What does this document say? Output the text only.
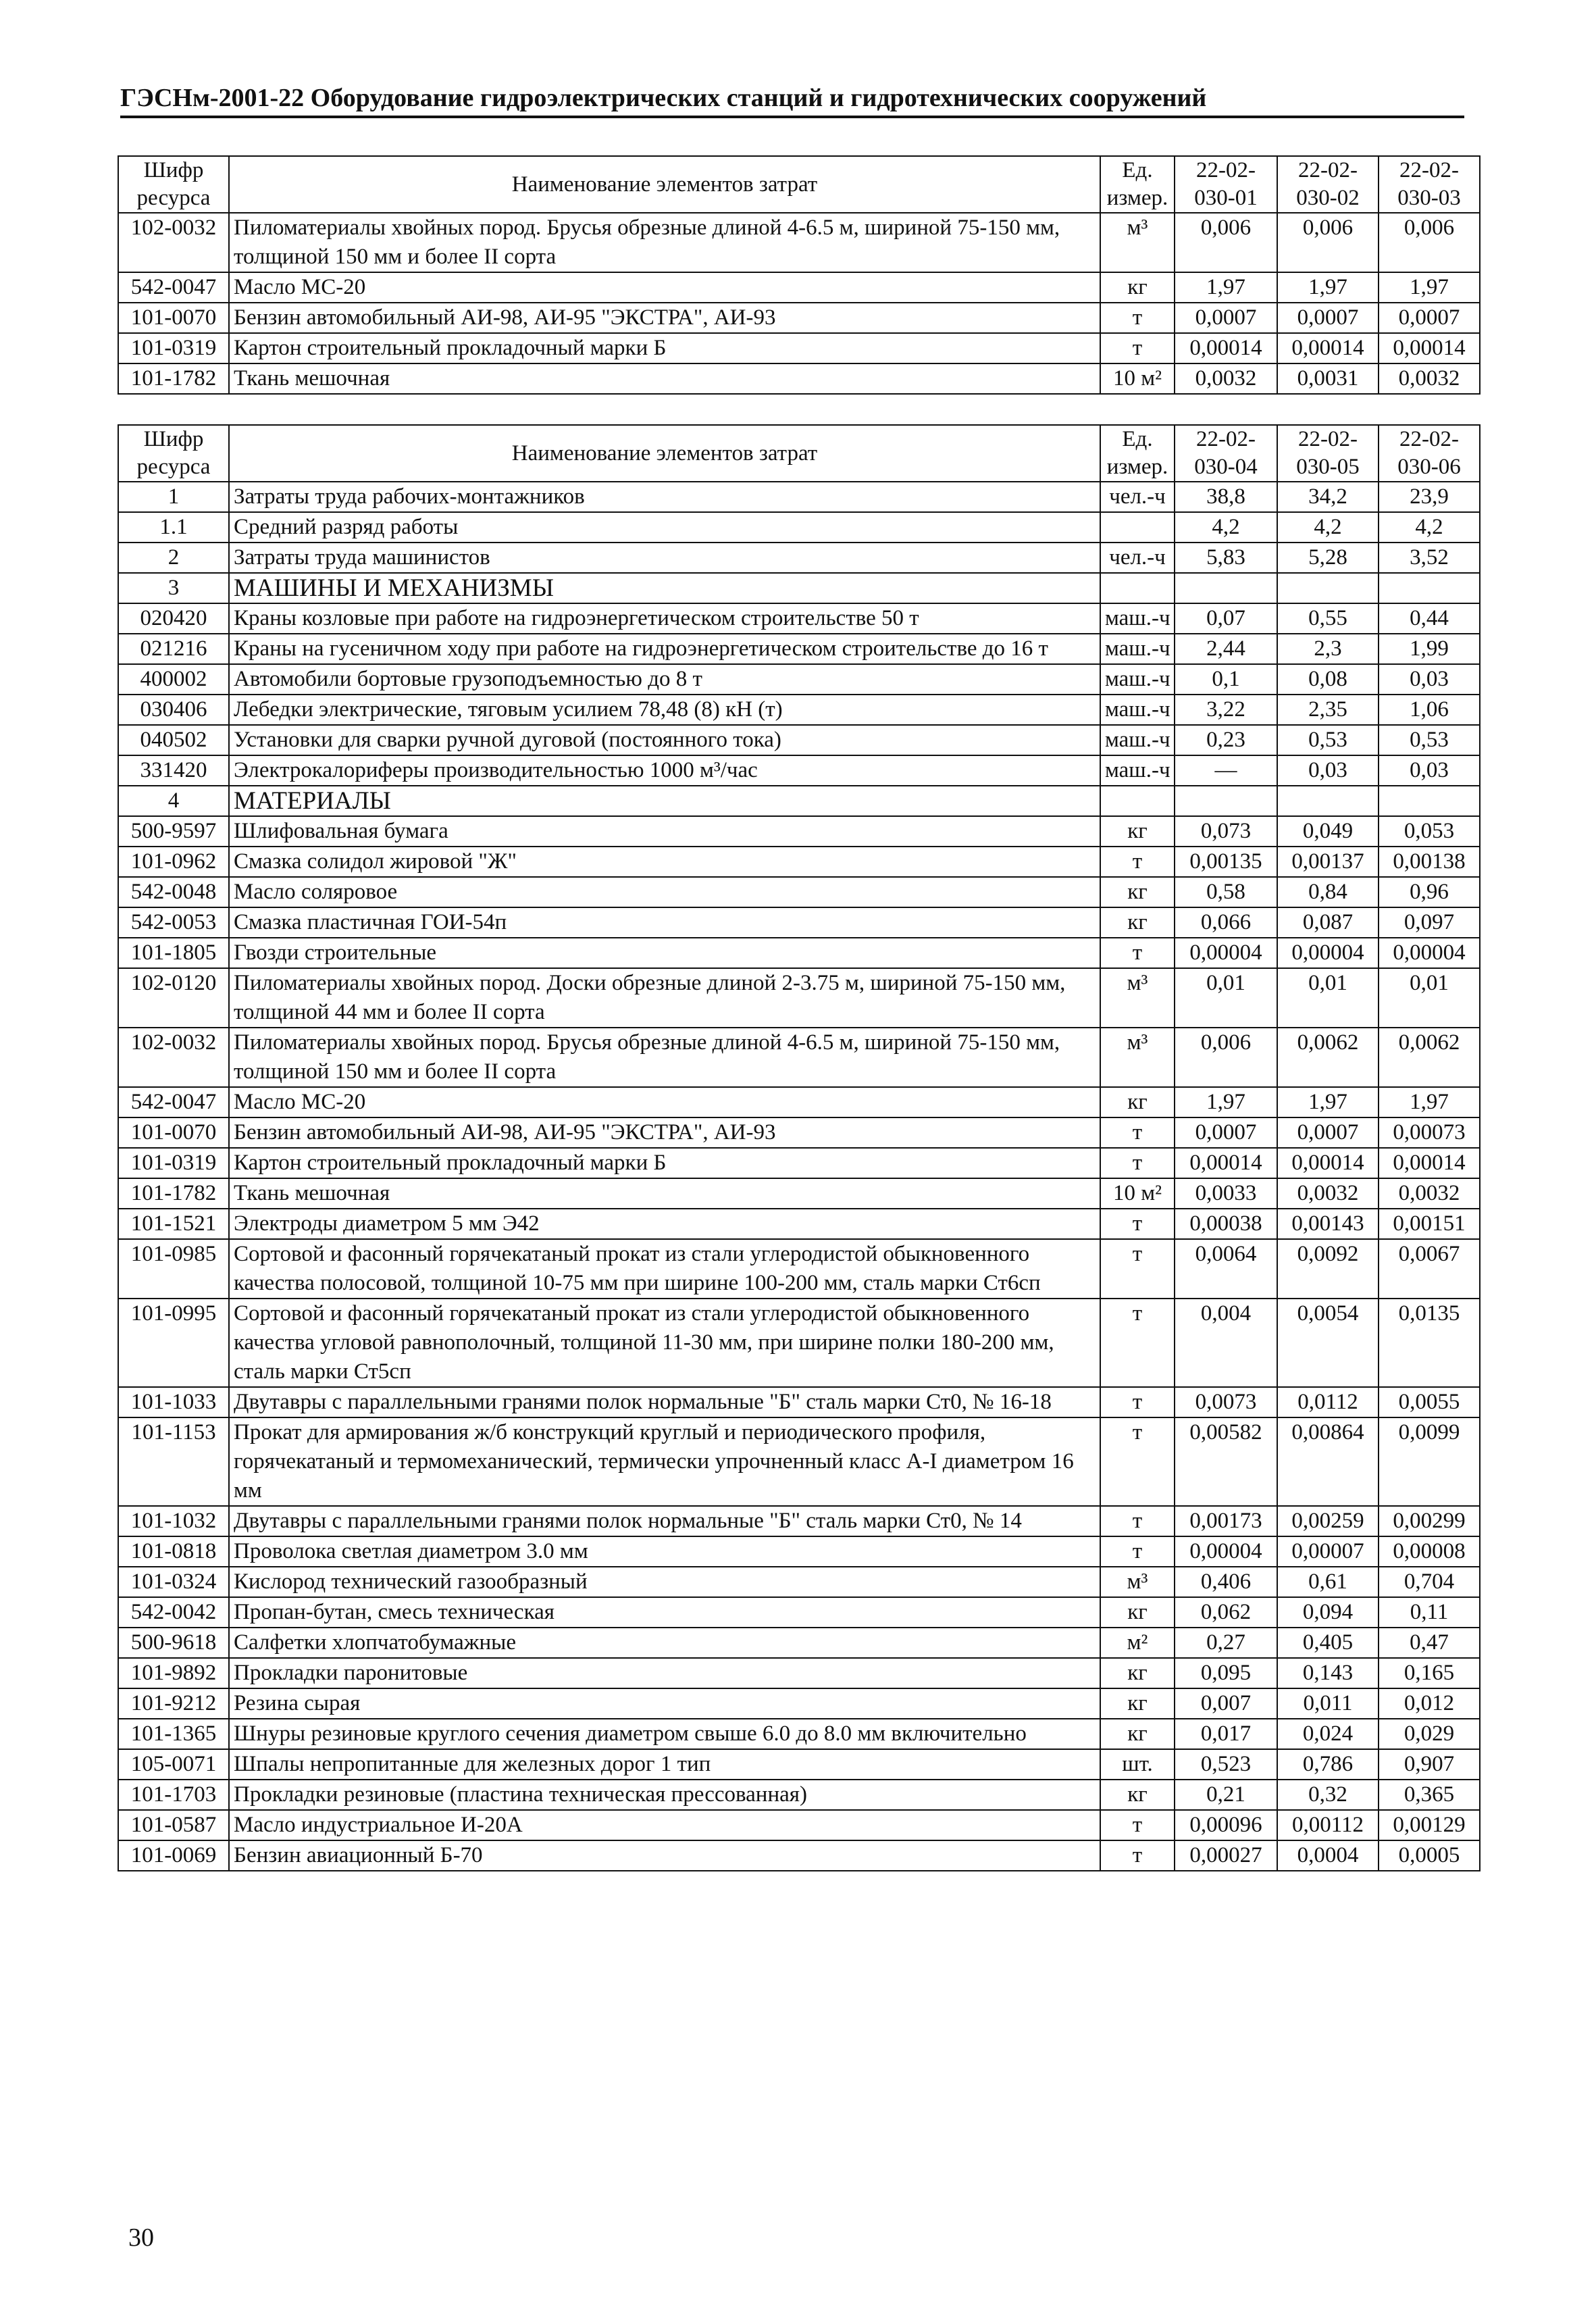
ГЭСНм-2001-22 Оборудование гидроэлектрических станций и гидротехнических сооружений
Шифр ресурса	Наименование элементов затрат	Ед. измер.	22-02-030-01	22-02-030-02	22-02-030-03
102-0032	Пиломатериалы хвойных пород. Брусья обрезные длиной 4-6.5 м, шириной 75-150 мм, толщиной 150 мм и более II сорта	м³	0,006	0,006	0,006
542-0047	Масло МС-20	кг	1,97	1,97	1,97
101-0070	Бензин автомобильный АИ-98, АИ-95 "ЭКСТРА", АИ-93	т	0,0007	0,0007	0,0007
101-0319	Картон строительный прокладочный марки Б	т	0,00014	0,00014	0,00014
101-1782	Ткань мешочная	10 м²	0,0032	0,0031	0,0032
Шифр ресурса	Наименование элементов затрат	Ед. измер.	22-02-030-04	22-02-030-05	22-02-030-06
1	Затраты труда рабочих-монтажников	чел.-ч	38,8	34,2	23,9
1.1	Средний разряд работы		4,2	4,2	4,2
2	Затраты труда машинистов	чел.-ч	5,83	5,28	3,52
3	МАШИНЫ И МЕХАНИЗМЫ				
020420	Краны козловые при работе на гидроэнергетическом строительстве 50 т	маш.-ч	0,07	0,55	0,44
021216	Краны на гусеничном ходу при работе на гидроэнергетическом строительстве до 16 т	маш.-ч	2,44	2,3	1,99
400002	Автомобили бортовые грузоподъемностью до 8 т	маш.-ч	0,1	0,08	0,03
030406	Лебедки электрические, тяговым усилием 78,48 (8) кН (т)	маш.-ч	3,22	2,35	1,06
040502	Установки для сварки ручной дуговой (постоянного тока)	маш.-ч	0,23	0,53	0,53
331420	Электрокалориферы производительностью 1000 м³/час	маш.-ч	—	0,03	0,03
4	МАТЕРИАЛЫ				
500-9597	Шлифовальная бумага	кг	0,073	0,049	0,053
101-0962	Смазка солидол жировой "Ж"	т	0,00135	0,00137	0,00138
542-0048	Масло соляровое	кг	0,58	0,84	0,96
542-0053	Смазка пластичная ГОИ-54п	кг	0,066	0,087	0,097
101-1805	Гвозди строительные	т	0,00004	0,00004	0,00004
102-0120	Пиломатериалы хвойных пород. Доски обрезные длиной 2-3.75 м, шириной 75-150 мм, толщиной 44 мм и более II сорта	м³	0,01	0,01	0,01
102-0032	Пиломатериалы хвойных пород. Брусья обрезные длиной 4-6.5 м, шириной 75-150 мм, толщиной 150 мм и более II сорта	м³	0,006	0,0062	0,0062
542-0047	Масло МС-20	кг	1,97	1,97	1,97
101-0070	Бензин автомобильный АИ-98, АИ-95 "ЭКСТРА", АИ-93	т	0,0007	0,0007	0,00073
101-0319	Картон строительный прокладочный марки Б	т	0,00014	0,00014	0,00014
101-1782	Ткань мешочная	10 м²	0,0033	0,0032	0,0032
101-1521	Электроды диаметром 5 мм Э42	т	0,00038	0,00143	0,00151
101-0985	Сортовой и фасонный горячекатаный прокат из стали углеродистой обыкновенного качества полосовой, толщиной 10-75 мм при ширине 100-200 мм, сталь марки Ст6сп	т	0,0064	0,0092	0,0067
101-0995	Сортовой и фасонный горячекатаный прокат из стали углеродистой обыкновенного качества угловой равнополочный, толщиной 11-30 мм, при ширине полки 180-200 мм, сталь марки Ст5сп	т	0,004	0,0054	0,0135
101-1033	Двутавры с параллельными гранями полок нормальные "Б" сталь марки Ст0, № 16-18	т	0,0073	0,0112	0,0055
101-1153	Прокат для армирования ж/б конструкций круглый и периодического профиля, горячекатаный и термомеханический, термически упрочненный класс А-I диаметром 16 мм	т	0,00582	0,00864	0,0099
101-1032	Двутавры с параллельными гранями полок нормальные "Б" сталь марки Ст0, № 14	т	0,00173	0,00259	0,00299
101-0818	Проволока светлая диаметром 3.0 мм	т	0,00004	0,00007	0,00008
101-0324	Кислород технический газообразный	м³	0,406	0,61	0,704
542-0042	Пропан-бутан, смесь техническая	кг	0,062	0,094	0,11
500-9618	Салфетки хлопчатобумажные	м²	0,27	0,405	0,47
101-9892	Прокладки паронитовые	кг	0,095	0,143	0,165
101-9212	Резина сырая	кг	0,007	0,011	0,012
101-1365	Шнуры резиновые круглого сечения диаметром свыше 6.0 до 8.0 мм включительно	кг	0,017	0,024	0,029
105-0071	Шпалы непропитанные для железных дорог 1 тип	шт.	0,523	0,786	0,907
101-1703	Прокладки резиновые (пластина техническая прессованная)	кг	0,21	0,32	0,365
101-0587	Масло индустриальное И-20А	т	0,00096	0,00112	0,00129
101-0069	Бензин авиационный Б-70	т	0,00027	0,0004	0,0005
30
